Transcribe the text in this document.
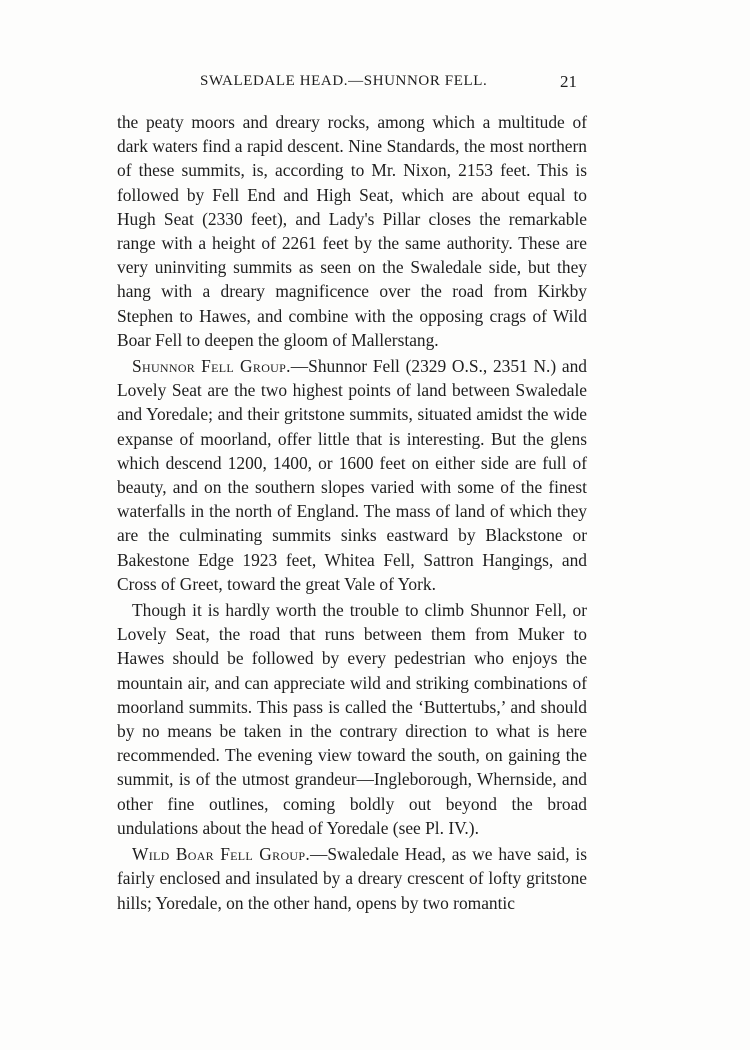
SWALEDALE HEAD.—SHUNNOR FELL.	21

the peaty moors and dreary rocks, among which a multitude of dark waters find a rapid descent. Nine Standards, the most northern of these summits, is, according to Mr. Nixon, 2153 feet. This is followed by Fell End and High Seat, which are about equal to Hugh Seat (2330 feet), and Lady's Pillar closes the remarkable range with a height of 2261 feet by the same authority. These are very uninviting summits as seen on the Swaledale side, but they hang with a dreary magnificence over the road from Kirkby Stephen to Hawes, and combine with the opposing crags of Wild Boar Fell to deepen the gloom of Mallerstang.

Shunnor Fell Group.—Shunnor Fell (2329 O.S., 2351 N.) and Lovely Seat are the two highest points of land between Swaledale and Yoredale; and their gritstone summits, situated amidst the wide expanse of moorland, offer little that is interesting. But the glens which descend 1200, 1400, or 1600 feet on either side are full of beauty, and on the southern slopes varied with some of the finest waterfalls in the north of England. The mass of land of which they are the culminating summits sinks eastward by Blackstone or Bakestone Edge 1923 feet, Whitea Fell, Sattron Hangings, and Cross of Greet, toward the great Vale of York.

Though it is hardly worth the trouble to climb Shunnor Fell, or Lovely Seat, the road that runs between them from Muker to Hawes should be followed by every pedestrian who enjoys the mountain air, and can appreciate wild and striking combinations of moorland summits. This pass is called the ‘Buttertubs,’ and should by no means be taken in the contrary direction to what is here recommended. The evening view toward the south, on gaining the summit, is of the utmost grandeur—Ingleborough, Whernside, and other fine outlines, coming boldly out beyond the broad undulations about the head of Yoredale (see Pl. IV.).

Wild Boar Fell Group.—Swaledale Head, as we have said, is fairly enclosed and insulated by a dreary crescent of lofty gritstone hills; Yoredale, on the other hand, opens by two romantic
